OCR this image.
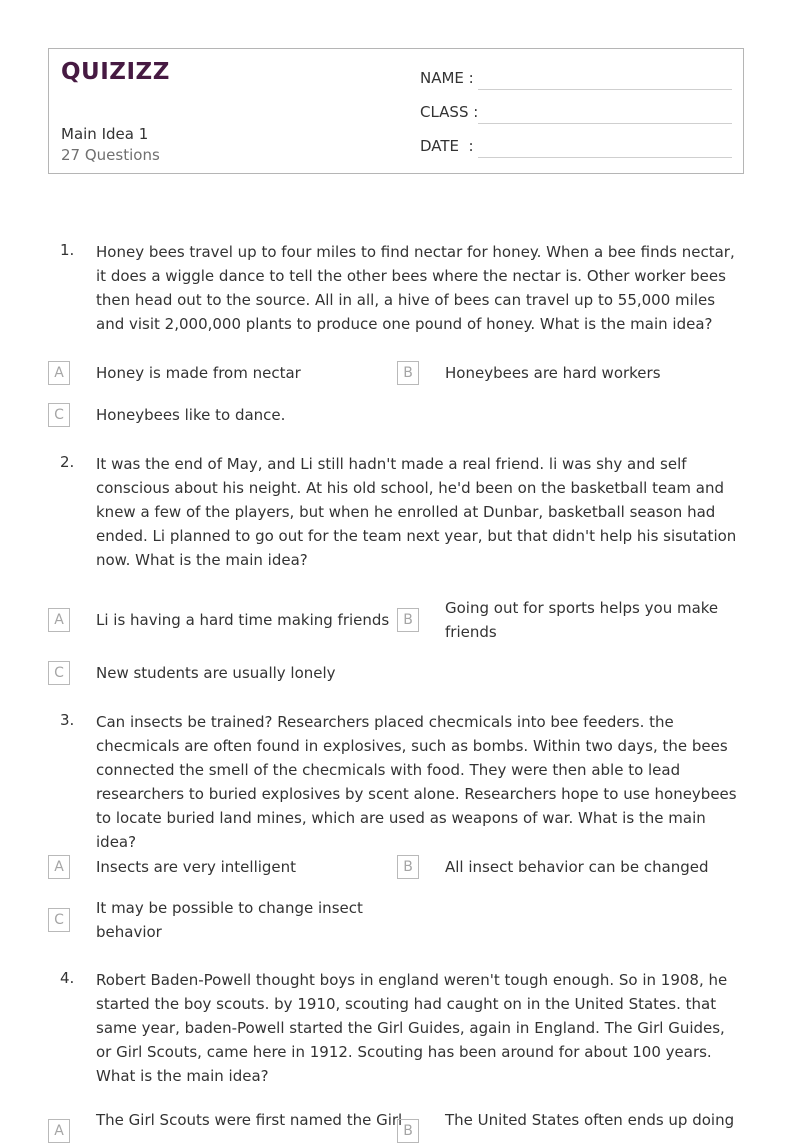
QUIZIZZ
Main Idea 1
27 Questions
NAME :
CLASS :
DATE  :
1. Honey bees travel up to four miles to find nectar for honey. When a bee finds nectar, it does a wiggle dance to tell the other bees where the nectar is. Other worker bees then head out to the source. All in all, a hive of bees can travel up to 55,000 miles and visit 2,000,000 plants to produce one pound of honey. What is the main idea?
A	Honey is made from nectar	B	Honeybees are hard workers
C	Honeybees like to dance.
2. It was the end of May, and Li still hadn't made a real friend. li was shy and self conscious about his neight. At his old school, he'd been on the basketball team and knew a few of the players, but when he enrolled at Dunbar, basketball season had ended. Li planned to go out for the team next year, but that didn't help his sisutation now. What is the main idea?
A	Li is having a hard time making friends B
Going out for sports helps you make friends
C	New students are usually lonely
3. Can insects be trained? Researchers placed checmicals into bee feeders. the checmicals are often found in explosives, such as bombs. Within two days, the bees connected the smell of the checmicals with food. They were then able to lead researchers to buried explosives by scent alone. Researchers hope to use honeybees to locate buried land mines, which are used as weapons of war. What is the main idea?
A	Insects are very intelligent	B	All insect behavior can be changed
C
It may be possible to change insect behavior
4. Robert Baden-Powell thought boys in england weren't tough enough. So in 1908, he started the boy scouts. by 1910, scouting had caught on in the United States. that same year, baden-Powell started the Girl Guides, again in England. The Girl Guides, or Girl Scouts, came here in 1912. Scouting has been around for about 100 years. What is the main idea?
A
The Girl Scouts were first named the Girl
B
The United States often ends up doing
